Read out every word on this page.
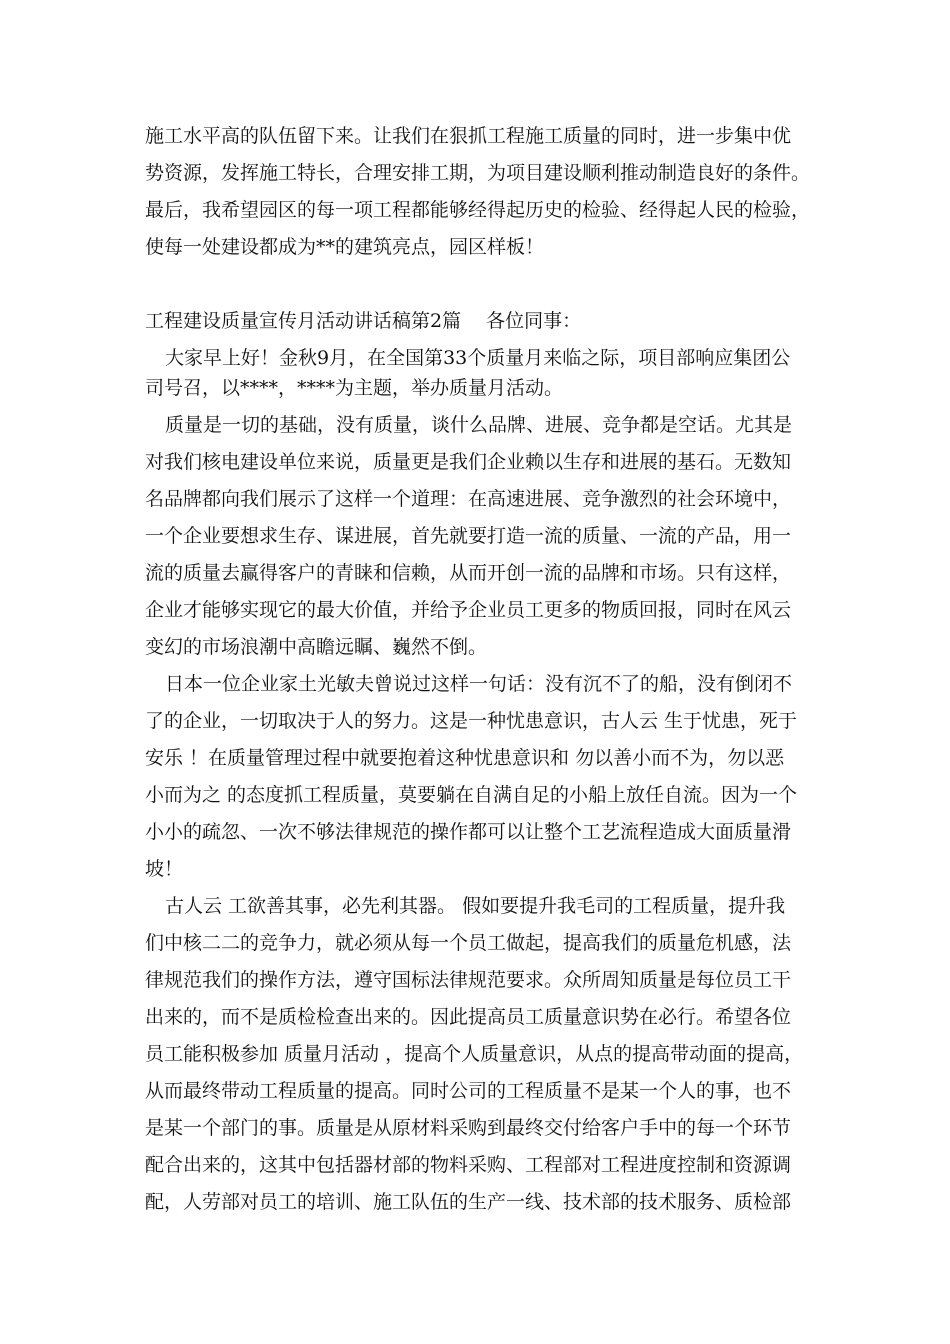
施工水平高的队伍留下来。让我们在狠抓工程施工质量的同时，进一步集中优
势资源，发挥施工特长，合理安排工期，为项目建设顺利推动制造良好的条件。
最后，我希望园区的每一项工程都能够经得起历史的检验、经得起人民的检验，
使每一处建设都成为**的建筑亮点，园区样板！
工程建设质量宣传月活动讲话稿第2篇　 各位同事：
大家早上好！金秋9月，在全国第33个质量月来临之际，项目部响应集团公
司号召，以****，****为主题，举办质量月活动。
质量是一切的基础，没有质量，谈什么品牌、进展、竞争都是空话。尤其是
对我们核电建设单位来说，质量更是我们企业赖以生存和进展的基石。无数知
名品牌都向我们展示了这样一个道理：在高速进展、竞争激烈的社会环境中，
一个企业要想求生存、谋进展，首先就要打造一流的质量、一流的产品，用一
流的质量去赢得客户的青睐和信赖，从而开创一流的品牌和市场。只有这样，
企业才能够实现它的最大价值，并给予企业员工更多的物质回报，同时在风云
变幻的市场浪潮中高瞻远瞩、巍然不倒。
日本一位企业家土光敏夫曾说过这样一句话：没有沉不了的船，没有倒闭不
了的企业，一切取决于人的努力。这是一种忧患意识，古人云 生于忧患，死于
安乐 ！在质量管理过程中就要抱着这种忧患意识和 勿以善小而不为，勿以恶
小而为之 的态度抓工程质量，莫要躺在自满自足的小船上放任自流。因为一个
小小的疏忽、一次不够法律规范的操作都可以让整个工艺流程造成大面质量滑
坡！
古人云 工欲善其事，必先利其器。 假如要提升我毛司的工程质量，提升我
们中核二二的竞争力，就必须从每一个员工做起，提高我们的质量危机感，法
律规范我们的操作方法，遵守国标法律规范要求。众所周知质量是每位员工干
出来的，而不是质检检查出来的。因此提高员工质量意识势在必行。希望各位
员工能积极参加 质量月活动 ，提高个人质量意识，从点的提高带动面的提高，
从而最终带动工程质量的提高。同时公司的工程质量不是某一个人的事，也不
是某一个部门的事。质量是从原材料采购到最终交付给客户手中的每一个环节
配合出来的，这其中包括器材部的物料采购、工程部对工程进度控制和资源调
配，人劳部对员工的培训、施工队伍的生产一线、技术部的技术服务、质检部
